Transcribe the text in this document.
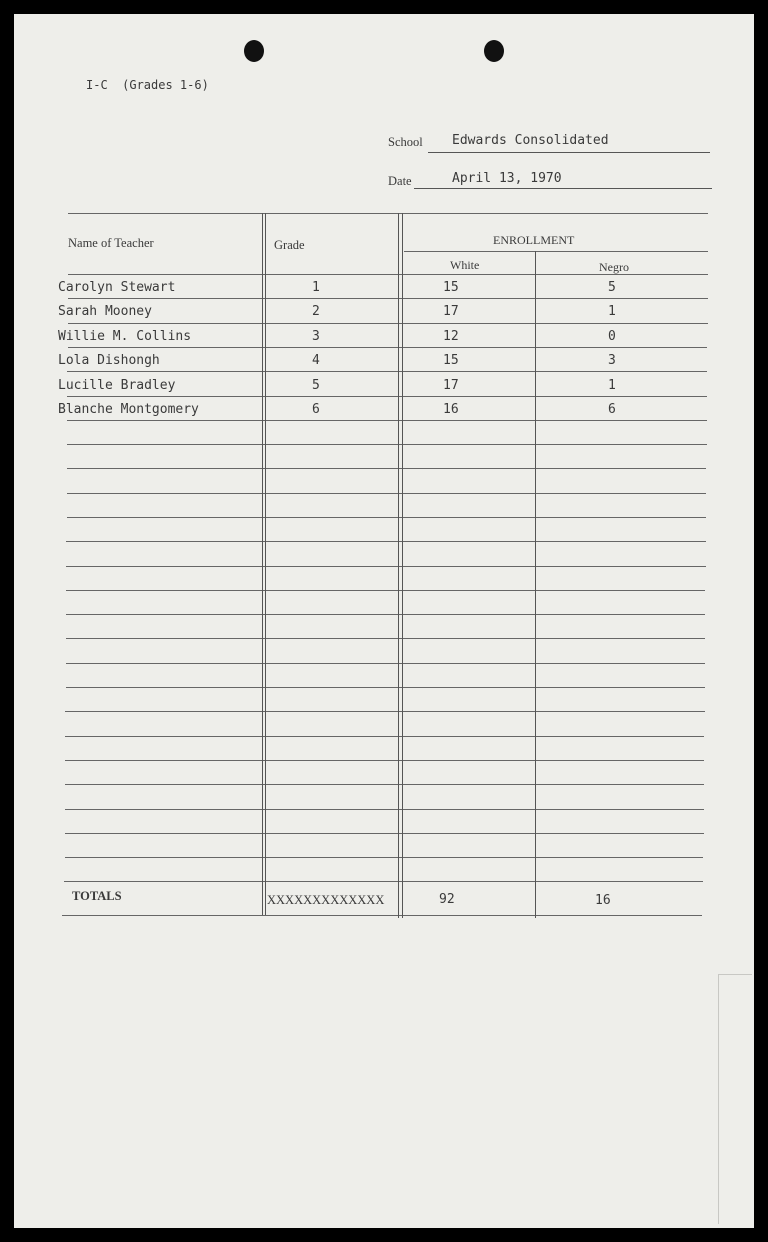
I-C  (Grades 1-6)
School Edwards Consolidated
Date	April 13, 1970
Name of Teacher	Grade	ENROLLMENT
White	Negro
Carolyn Stewart	1	15	5
Sarah Mooney	2	17	1
Willie M. Collins	3	12	0
Lola Dishongh	4	15	3
Lucille Bradley	5	17	1
Blanche Montgomery	6	16	6
TOTALS	XXXXXXXXXXXXX	92	16
